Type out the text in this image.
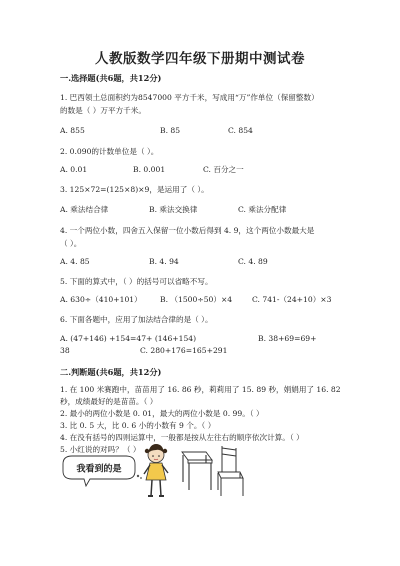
人教版数学四年级下册期中测试卷
一.选择题(共6题，共12分)
1. 巴西领土总面积约为8547000 平方千米，写成用“万”作单位（保留整数）
的数是（ ）万平方千米。
A. 855	B. 85	C. 854
2. 0.090的计数单位是（ ）。
A. 0.01	B. 0.001	C. 百分之一
3. 125×72=(125×8)×9，是运用了（ ）。
A. 乘法结合律	B. 乘法交换律	C. 乘法分配律
4. 一个两位小数，四舍五入保留一位小数后得到 4. 9，这个两位小数最大是
（ ）。
A. 4. 85	B. 4. 94	C. 4. 89
5. 下面的算式中，（ ）的括号可以省略不写。
A. 630÷（410+101） B. （1500÷50）×4	C. 741-（24+10）×3
6. 下面各题中，应用了加法结合律的是（ ）。
A. (47+146) +154=47+ (146+154)	B. 38+69=69+
38	C. 280+176=165+291
二.判断题(共6题，共12分)
1. 在 100 米赛跑中，苗苗用了 16. 86 秒，莉莉用了 15. 89 秒，娟娟用了 16. 82
秒，成绩最好的是苗苗。（ ）
2. 最小的两位小数是 0. 01，最大的两位小数是 0. 99。（ ）
3. 比 0. 5 大，比 0. 6 小的小数有 9 个。（ ）
4. 在没有括号的四则运算中，一般都是按从左往右的顺序依次计算。（ ）
5. 小红说的对吗？（ ）
我看到的是
